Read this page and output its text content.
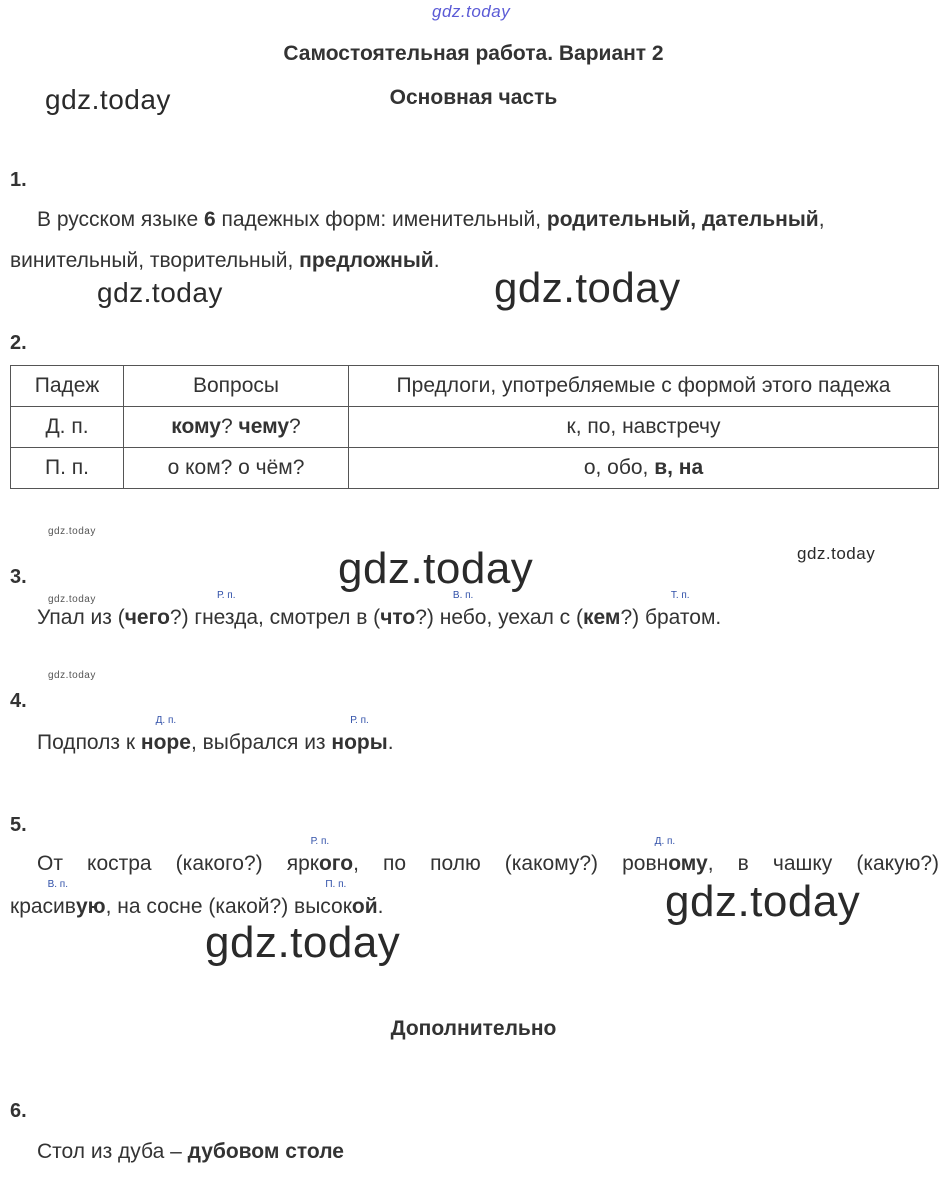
gdz.today
gdz.today
gdz.today	gdz.today
gdz.today
gdz.today	gdz.today
gdz.today
gdz.today
gdz.today
gdz.today
Самостоятельная работа. Вариант 2
Основная часть
1.
В русском языке 6 падежных форм: именительный, родительный, дательный,
винительный, творительный, предложный.
2.
Падеж	Вопросы	Предлоги, употребляемые с формой этого падежа
Д. п.	кому? чему?	к, по, навстречу
П. п.	о ком? о чём?	о, обо, в, на
3.
Упал из (чего?)
Р. п.
гнезда, смотрел в (что?)
В. п.
небо, уехал с (кем?)
Т. п.
братом.
4.
Подполз к
Д. п.
норе, выбрался из
Р. п.
норы.
5.
От костра (какого?)
Р. п.
яркого, по полю (какому?)
Д. п.
ровному, в чашку (какую?)
В. п.
красивую, на сосне (какой?)
П. п.
высокой.
Дополнительно
6.
Стол из дуба – дубовом столе
